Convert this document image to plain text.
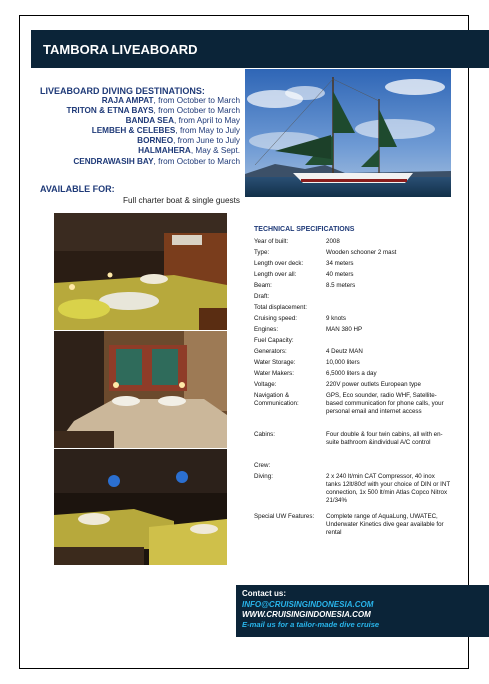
TAMBORA LIVEABOARD
LIVEABOARD DIVING DESTINATIONS:
RAJA AMPAT, from October to March
TRITON & ETNA BAYS, from October to March
BANDA SEA, from April to May
LEMBEH & CELEBES, from May to July
BORNEO, from June to July
HALMAHERA, May & Sept.
CENDRAWASIH BAY, from October to March
AVAILABLE FOR:
Full charter boat & single guests
TECHNICAL SPECIFICATIONS
Year of built:	2008
Type:	Wooden schooner 2 mast
Length over deck:	34 meters
Length over all:	40 meters
Beam:	8.5 meters
Draft:
Total displacement:
Cruising speed:	9 knots
Engines:	MAN 380 HP
Fuel Capacity:
Generators:	4 Deutz MAN
Water Storage:	10,000 liters
Water Makers:	6,5000 liters a day
Voltage:	220V power outlets European type
Navigation & Communication:
GPS, Eco sounder, radio WHF, Satellite-based communication for phone calls, your personal email and internet access
Cabins:	Four double & four twin cabins, all with en-suite bathroom &individual A/C control
Crew:
Diving:	2 x 240 lt/min CAT Compressor, 40 inox tanks 12lt/80cf with your choice of DIN or INT connection, 1x 500 lt/min Atlas Copco Nitrox 21/34%
Special UW Features:	Complete range of AquaLung, UWATEC, Underwater Kinetics dive gear available for rental
Contact us:
INFO@CRUISINGINDONESIA.COM
WWW.CRUISINGINDONESIA.COM
E-mail us for a tailor-made dive cruise
